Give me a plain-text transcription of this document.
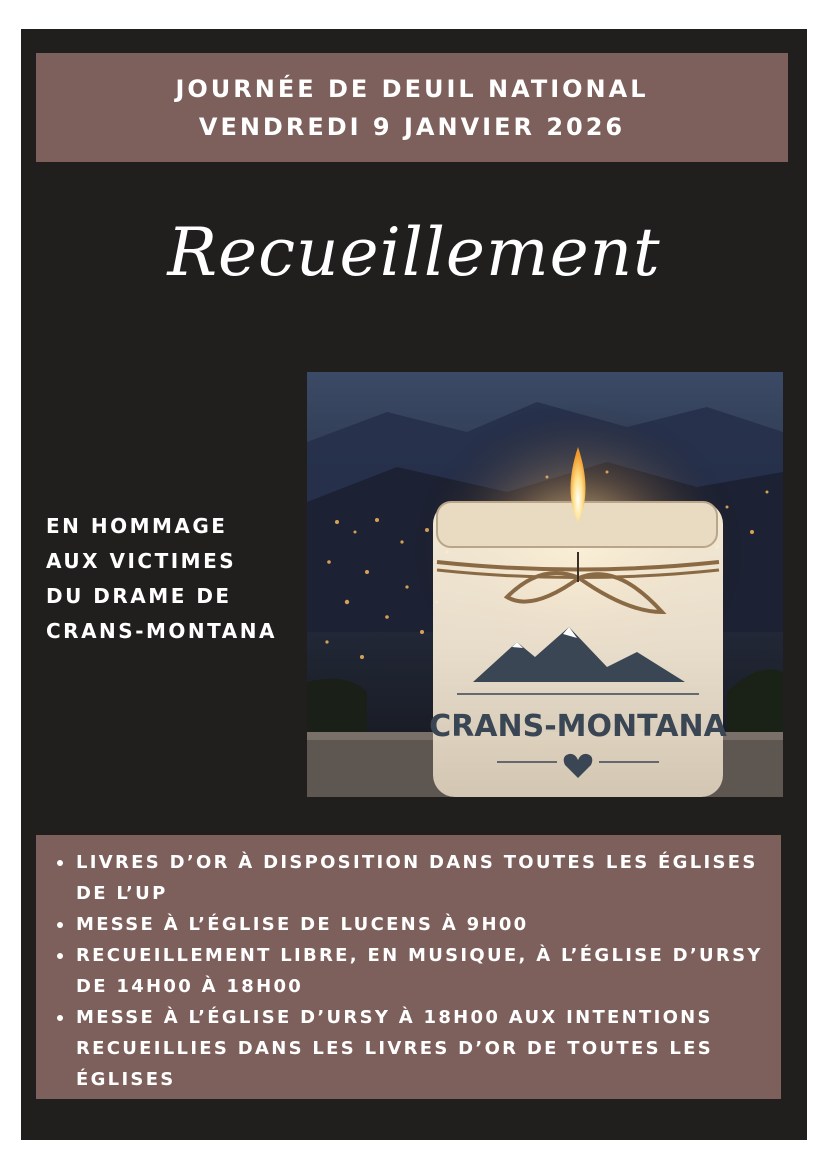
JOURNÉE DE DEUIL NATIONAL
VENDREDI 9 JANVIER 2026
Recueillement
EN HOMMAGE
AUX VICTIMES
DU DRAME DE
CRANS-MONTANA
CRANS-MONTANA
LIVRES D’OR À DISPOSITION DANS TOUTES LES ÉGLISES DE L’UP
MESSE À L’ÉGLISE DE LUCENS À 9H00
RECUEILLEMENT LIBRE, EN MUSIQUE, À L’ÉGLISE D’URSY DE 14H00 À 18H00
MESSE À L’ÉGLISE D’URSY À 18H00 AUX INTENTIONS RECUEILLIES DANS LES LIVRES D’OR DE TOUTES LES ÉGLISES
